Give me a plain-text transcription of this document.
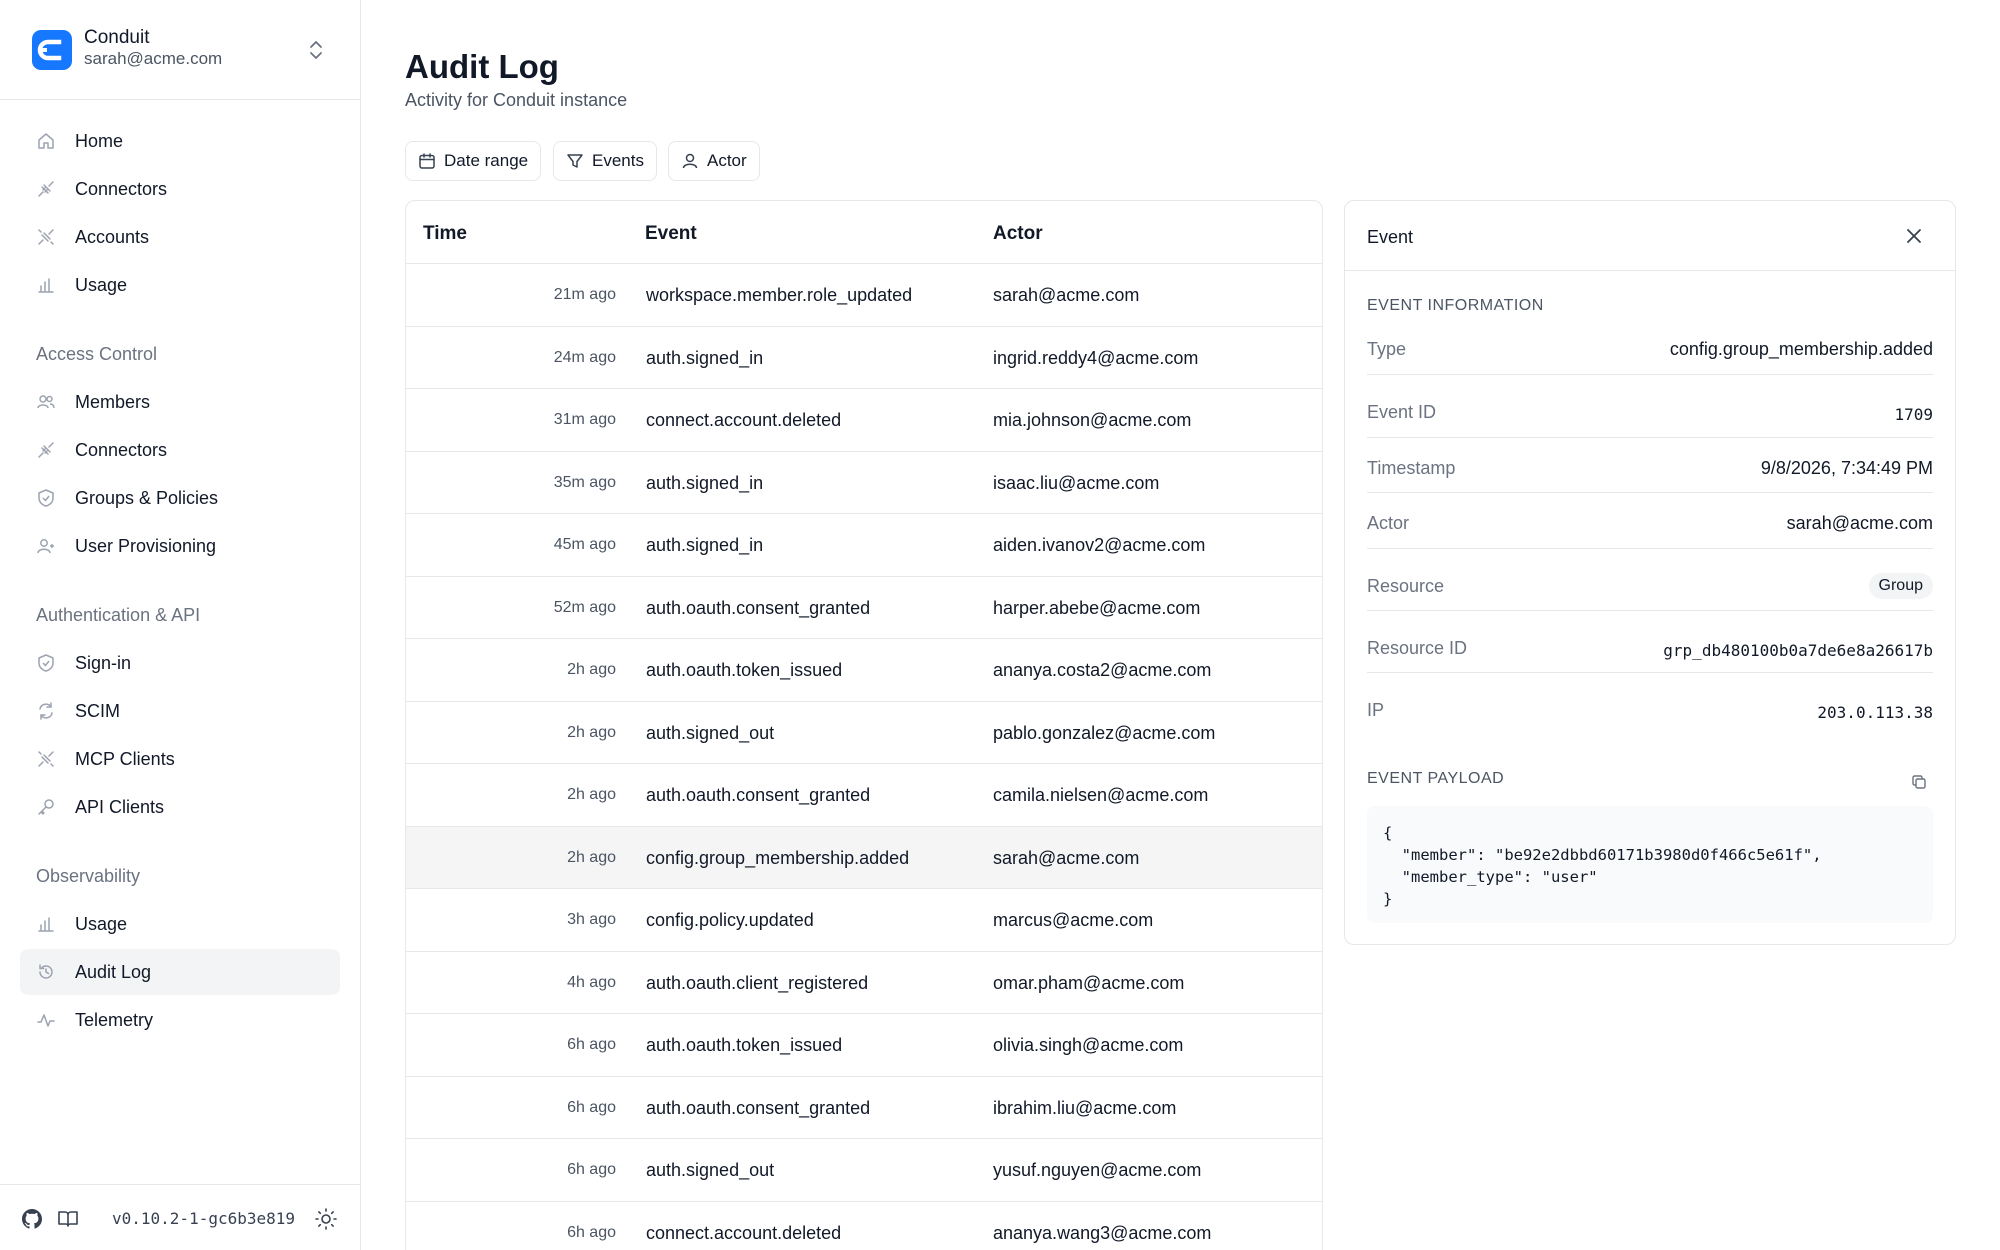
Conduit
sarah@acme.com
Home
Connectors
Accounts
Usage
Access Control
Members
Connectors
Groups & Policies
User Provisioning
Authentication & API
Sign-in
SCIM
MCP Clients
API Clients
Observability
Usage
Audit Log
Telemetry
v0.10.2-1-gc6b3e819
Audit Log
Activity for Conduit instance
Date range	Events	Actor
Time	Event	Actor
21m ago workspace.member.role_updated	sarah@acme.com
24m ago auth.signed_in	ingrid.reddy4@acme.com
31m ago connect.account.deleted	mia.johnson@acme.com
35m ago auth.signed_in	isaac.liu@acme.com
45m ago auth.signed_in	aiden.ivanov2@acme.com
52m ago auth.oauth.consent_granted	harper.abebe@acme.com
2h ago auth.oauth.token_issued	ananya.costa2@acme.com
2h ago auth.signed_out	pablo.gonzalez@acme.com
2h ago auth.oauth.consent_granted	camila.nielsen@acme.com
2h ago config.group_membership.added	sarah@acme.com
3h ago config.policy.updated	marcus@acme.com
4h ago auth.oauth.client_registered	omar.pham@acme.com
6h ago auth.oauth.token_issued	olivia.singh@acme.com
6h ago auth.oauth.consent_granted	ibrahim.liu@acme.com
6h ago auth.signed_out	yusuf.nguyen@acme.com
6h ago connect.account.deleted	ananya.wang3@acme.com
Event
EVENT INFORMATION
Type	config.group_membership.added
Event ID	1709
Timestamp	9/8/2026, 7:34:49 PM
Actor	sarah@acme.com
Resource	Group
Resource ID	grp_db480100b0a7de6e8a26617b
IP	203.0.113.38
EVENT PAYLOAD
{
"member": "be92e2dbbd60171b3980d0f466c5e61f",
"member_type": "user"
}
